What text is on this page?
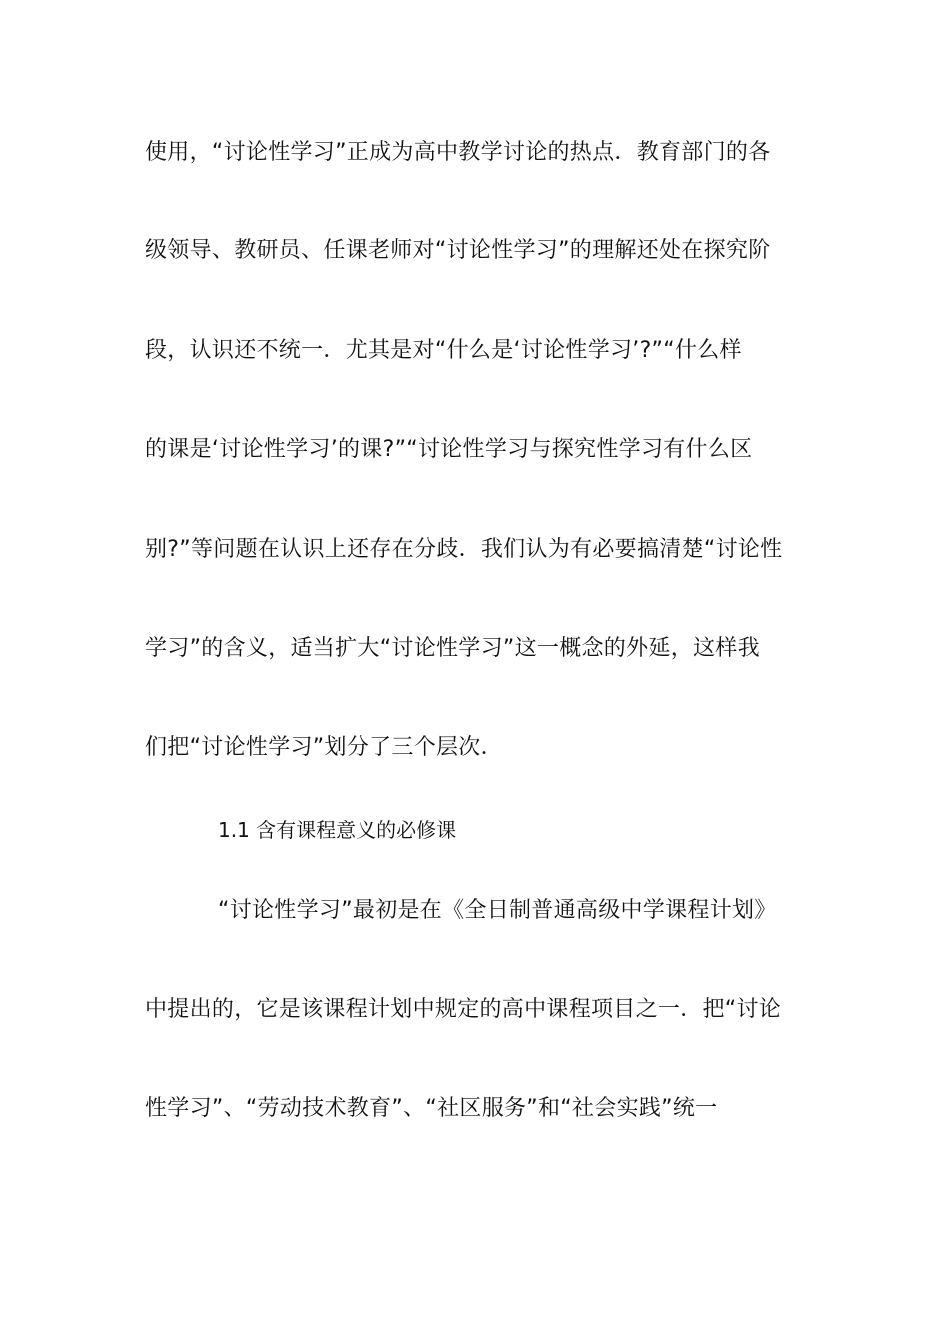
使用，“讨论性学习”正成为高中教学讨论的热点．教育部门的各
级领导、教研员、任课老师对“讨论性学习”的理解还处在探究阶
段，认识还不统一．尤其是对“什么是‘讨论性学习’?”“什么样
的课是‘讨论性学习’的课?”“讨论性学习与探究性学习有什么区
别?”等问题在认识上还存在分歧．我们认为有必要搞清楚“讨论性
学习”的含义，适当扩大“讨论性学习”这一概念的外延，这样我
们把“讨论性学习”划分了三个层次．
1.1 含有课程意义的必修课
“讨论性学习”最初是在《全日制普通高级中学课程计划》
中提出的，它是该课程计划中规定的高中课程项目之一．把“讨论
性学习”、“劳动技术教育”、“社区服务”和“社会实践”统一
